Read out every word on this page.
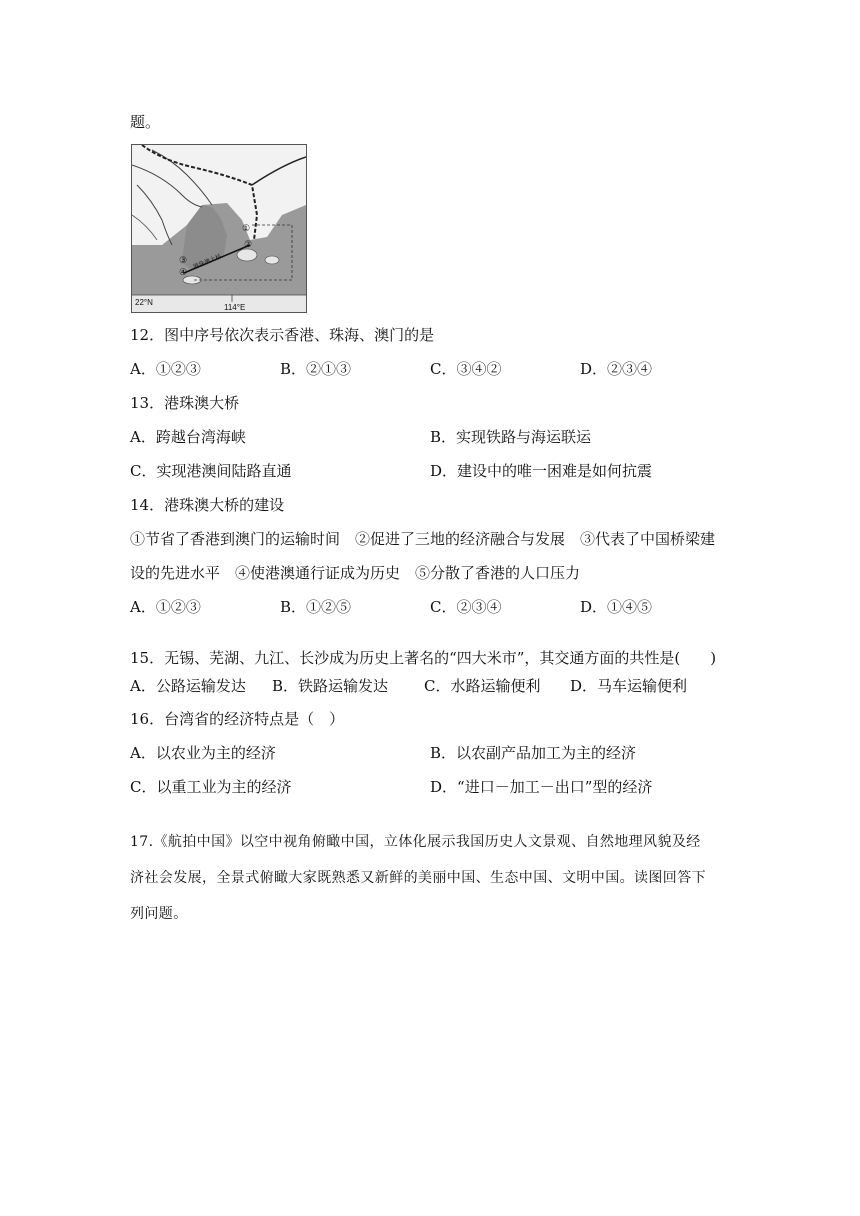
题。
22°N
114°E
港珠澳大桥
①
②
③
④
12．图中序号依次表示香港、珠海、澳门的是
A．①②③	B．②①③	C．③④②	D．②③④
13．港珠澳大桥
A．跨越台湾海峡	B．实现铁路与海运联运
C．实现港澳间陆路直通	D．建设中的唯一困难是如何抗震
14．港珠澳大桥的建设
①节省了香港到澳门的运输时间　②促进了三地的经济融合与发展　③代表了中国桥梁建
设的先进水平　④使港澳通行证成为历史　⑤分散了香港的人口压力
A．①②③	B．①②⑤	C．②③④	D．①④⑤
15．无锡、芜湖、九江、长沙成为历史上著名的“四大米市”，其交通方面的共性是(　　)
A．公路运输发达 B．铁路运输发达 C．水路运输便利 D．马车运输便利
16．台湾省的经济特点是（　）
A．以农业为主的经济	B．以农副产品加工为主的经济
C．以重工业为主的经济	D．“进口－加工－出口”型的经济
17.《航拍中国》以空中视角俯瞰中国，立体化展示我国历史人文景观、自然地理风貌及经
济社会发展，全景式俯瞰大家既熟悉又新鲜的美丽中国、生态中国、文明中国。读图回答下
列问题。
